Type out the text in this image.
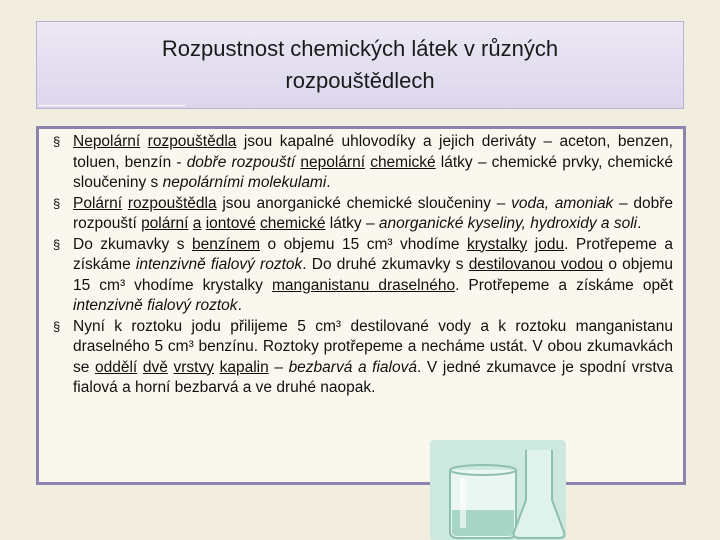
Rozpustnost chemických látek v různých rozpouštědlech
§ Nepolární rozpouštědla jsou kapalné uhlovodíky a jejich deriváty – aceton, benzen, toluen, benzín - dobře rozpouští nepolární chemické látky – chemické prvky, chemické sloučeniny s nepolárními molekulami.
§ Polární rozpouštědla jsou anorganické chemické sloučeniny – voda, amoniak – dobře rozpouští polární a iontové chemické látky – anorganické kyseliny, hydroxidy a soli.
§ Do zkumavky s benzínem o objemu 15 cm³ vhodíme krystalky jodu. Protřepeme a získáme intenzivně fialový roztok. Do druhé zkumavky s destilovanou vodou o objemu 15 cm³ vhodíme krystalky manganistanu draselného. Protřepeme a získáme opět intenzivně fialový roztok.
§ Nyní k roztoku jodu přilijeme 5 cm³ destilované vody a k roztoku manganistanu draselného 5 cm³ benzínu. Roztoky protřepeme a necháme ustát. V obou zkumavkách se oddělí dvě vrstvy kapalin – bezbarvá a fialová. V jedné zkumavce je spodní vrstva fialová a horní bezbarvá a ve druhé naopak.
